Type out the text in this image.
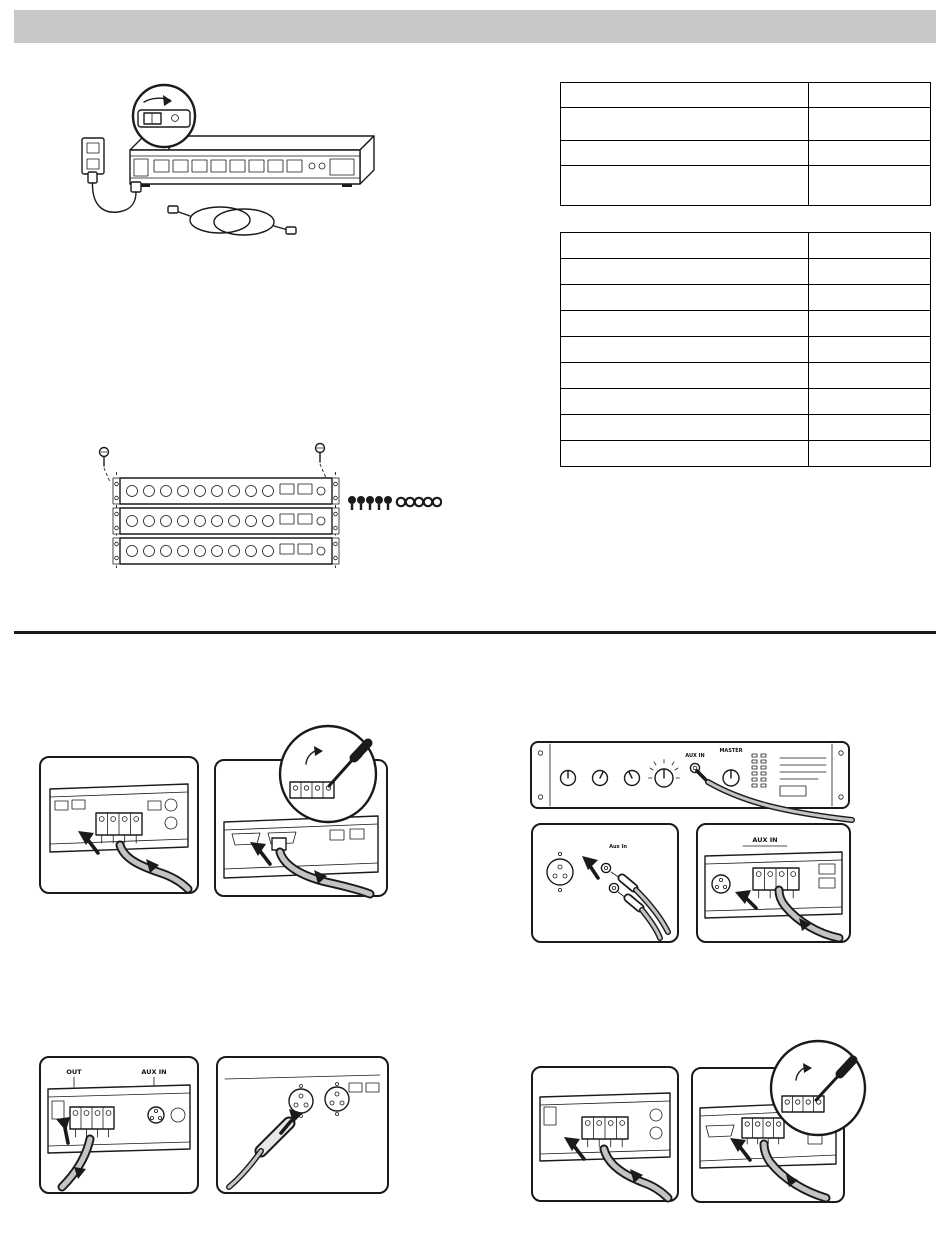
AUX IN
MASTER
Aux In
AUX IN
OUT	AUX IN
